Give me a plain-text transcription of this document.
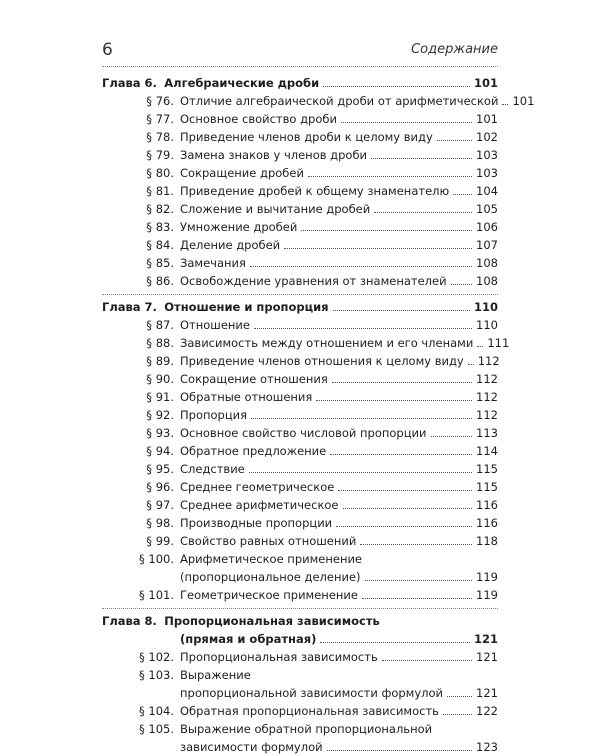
6	Содержание
Глава 6.
Алгебраические дроби	101
§ 76. Отличие алгебраической дроби от арифметической 101
§ 77. Основное свойство дроби	101
§ 78. Приведение членов дроби к целому виду	102
§ 79. Замена знаков у членов дроби	103
§ 80. Сокращение дробей	103
§ 81. Приведение дробей к общему знаменателю 104
§ 82. Сложение и вычитание дробей	105
§ 83. Умножение дробей	106
§ 84. Деление дробей	107
§ 85. Замечания	108
§ 86. Освобождение уравнения от знаменателей	108
Глава 7.
Отношение и пропорция	110
§ 87. Отношение	110
§ 88. Зависимость между отношением и его членами 111
§ 89. Приведение членов отношения к целому виду 112
§ 90. Сокращение отношения	112
§ 91. Обратные отношения	112
§ 92. Пропорция	112
§ 93. Основное свойство числовой пропорции	113
§ 94. Обратное предложение	114
§ 95. Следствие	115
§ 96. Среднее геометрическое	115
§ 97. Среднее арифметическое	116
§ 98. Производные пропорции	116
§ 99. Свойство равных отношений	118
§ 100. Арифметическое применение
(пропорциональное деление)	119
§ 101. Геометрическое применение	119
Глава 8.
Пропорциональная зависимость
(прямая и обратная)	121
§ 102. Пропорциональная зависимость	121
§ 103. Выражение
пропорциональной зависимости формулой	121
§ 104. Обратная пропорциональная зависимость	122
§ 105. Выражение обратной пропорциональной
зависимости формулой	123
